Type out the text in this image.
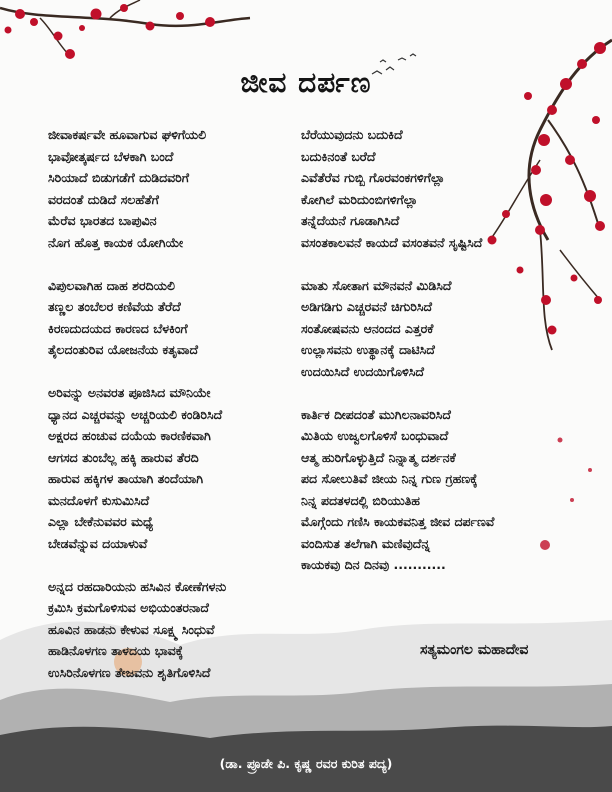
ಜೀವ ದರ್ಪಣ
ಜೀವಾಕರ್ಷವೇ ಹೂವಾಗುವ ಘಳಿಗೆಯಲಿ
ಭಾವೋತ್ಕರ್ಷದ ಬೆಳಕಾಗಿ ಬಂದೆ
ಸಿರಿಯಾದೆ ಬಿಡುಗಡೆಗೆ ದುಡಿದವರಿಗೆ
ವರದಂತೆ ದುಡಿದೆ ಸಲಹೆತೆಗೆ
ಮೆರೆವ ಭಾರತದ ಬಾಪುವಿನ
ನೊಗ ಹೊತ್ತ ಕಾಯಕ ಯೋಗಿಯೇ
ವಿಪುಲವಾಗಿಹ ದಾಹ ಶರದಿಯಲಿ
ತಣ್ಣಲ ತಂಬೆಲರ ಕಣಿವೆಯ ತೆರೆದೆ
ಕಿರಣದುದಯದ ಕಾರಣದ ಬೆಳಕಿಂಗೆ
ತೈಲದಂತುರಿವ ಯೋಜನೆಯ ಕತೃವಾದೆ
ಅರಿವನ್ನು ಅನವರತ ಪೂಜಿಸಿದ ಮೌನಿಯೇ
ಧ್ಯಾನದ ಎಚ್ಚರವನ್ನು ಅಚ್ಚರಿಯಲಿ ಕಂಡಿರಿಸಿದೆ
ಅಕ್ಷರದ ಹಂಚುವ ದಯೆಯ ಕಾರಣಿಕವಾಗಿ
ಆಗಸದ ತುಂಬೆಲ್ಲ ಹಕ್ಕಿ ಹಾರುವ ತೆರದಿ
ಹಾರುವ ಹಕ್ಕಿಗಳ ತಾಯಾಗಿ ತಂದೆಯಾಗಿ
ಮನದೊಳಗೆ ಕುಸುಮಿಸಿದೆ
ಎಲ್ಲಾ ಬೇಕೆನುವವರ ಮಧ್ಯೆ
ಬೇಡವೆನ್ನುವ ದಯಾಳುವೆ
ಅನ್ನದ ರಹದಾರಿಯನು ಹಸಿವಿನ ಕೋಣೆಗಳನು
ಕ್ರಮಿಸಿ ಕ್ರಮಗೊಳಿಸುವ ಅಭಿಯಂತರನಾದೆ
ಹೂವಿನ ಹಾಡನು ಕೇಳುವ ಸೂಕ್ಷ್ಮ ಸಿಂಧುವೆ
ಹಾಡಿನೊಳಗಣ ತಾಳದಯ ಭಾವಕ್ಕೆ
ಉಸಿರಿನೊಳಗಣ ತೇಜವನು ಶೃತಿಗೊಳಿಸಿದೆ
ಬೆರೆಯುವುದನು ಬದುಕಿದೆ
ಬದುಕಿನಂತೆ ಬರೆದೆ
ಎವೆತೆರೆವ ಗುಬ್ಬಿ ಗೊರವಂಕಗಳಿಗೆಲ್ಲಾ
ಕೋಗಿಲೆ ಮರಿದುಂಬಿಗಳಿಗೆಲ್ಲಾ
ತನ್ನೆದೆಯನೆ ಗೂಡಾಗಿಸಿದೆ
ವಸಂತಕಾಲವನೆ ಕಾಯದೆ ವಸಂತವನೆ ಸೃಷ್ಟಿಸಿದೆ
ಮಾತು ಸೋತಾಗ ಮೌನವನೆ ಮಿಡಿಸಿದೆ
ಅಡಿಗಡಿಗು ಎಚ್ಚರವನೆ ಚಿಗುರಿಸಿದೆ
ಸಂತೋಷವನು ಆನಂದದ ಎತ್ತರಕೆ
ಉಲ್ಲಾಸವನು ಉತ್ಥಾನಕ್ಕೆ ದಾಟಿಸಿದೆ
ಉದಯಿಸಿದೆ ಉದಯಿಗೊಳಿಸಿದೆ
ಕಾರ್ತಿಕ ದೀಪದಂತೆ ಮುಗಿಲನಾವರಿಸಿದೆ
ಮಿತಿಯ ಉಜ್ವಲಗೊಳಿಸೆ ಬಂಧುವಾದೆ
ಆತ್ಮ ಹುರಿಗೊಳ್ಳುತ್ತಿದೆ ನಿನ್ನಾತ್ಮ ದರ್ಶನಕೆ
ಪದ ಸೋಲುತಿವೆ ಜೀಯ ನಿನ್ನ ಗುಣ ಗ್ರಹಣಕ್ಕೆ
ನಿನ್ನ ಪದತಳದಲ್ಲಿ ಬಿರಿಯುತಿಹ
ಮೊಗ್ಗೆಂದು ಗಣಿಸಿ ಕಾಯಕವನಿತ್ತ ಜೀವ ದರ್ಪಣವೆ
ವಂದಿಸುತ ತಲೆಗಾಗಿ ಮಣಿವುದೆನ್ನ
ಕಾಯಕವು ದಿನ ದಿನವು ...........
ಸತ್ಯಮಂಗಲ ಮಹಾದೇವ
(ಡಾ. ಪ್ರೂಡೇ ಪಿ. ಕೃಷ್ಣ ರವರ ಕುರಿತ ಪದ್ಯ)
